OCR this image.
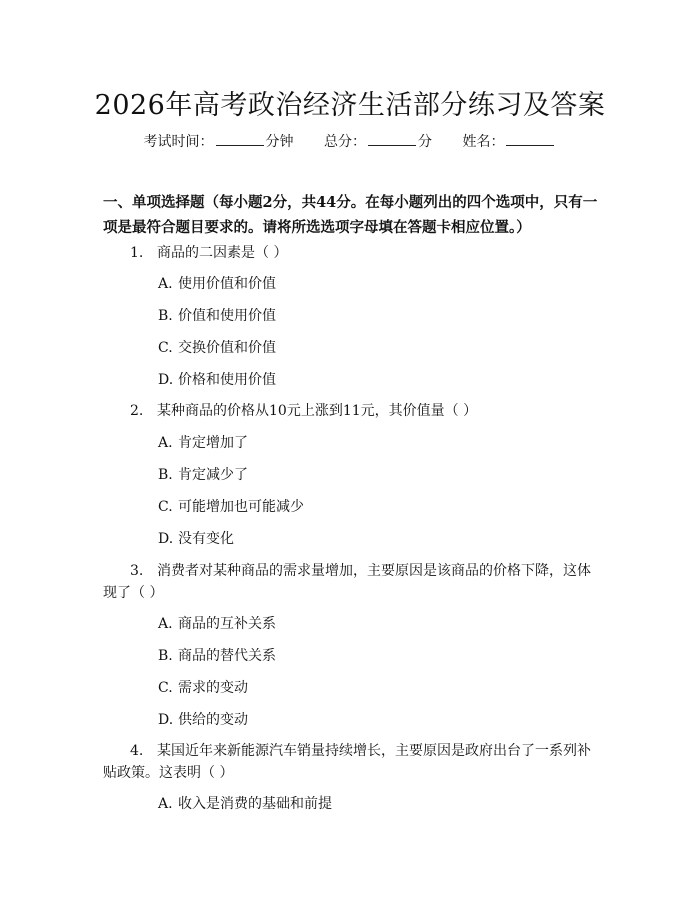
2026年高考政治经济生活部分练习及答案
考试时间：	分钟 总分：	分 姓名：
一、单项选择题（每小题2分，共44分。在每小题列出的四个选项中，只有一项是最符合题目要求的。请将所选选项字母填在答题卡相应位置。）
1. 商品的二因素是（ ）
A. 使用价值和价值
B. 价值和使用价值
C. 交换价值和价值
D. 价格和使用价值
2. 某种商品的价格从10元上涨到11元，其价值量（ ）
A. 肯定增加了
B. 肯定减少了
C. 可能增加也可能减少
D. 没有变化
3. 消费者对某种商品的需求量增加，主要原因是该商品的价格下降，这体现了（ ）
A. 商品的互补关系
B. 商品的替代关系
C. 需求的变动
D. 供给的变动
4. 某国近年来新能源汽车销量持续增长，主要原因是政府出台了一系列补贴政策。这表明（ ）
A. 收入是消费的基础和前提
